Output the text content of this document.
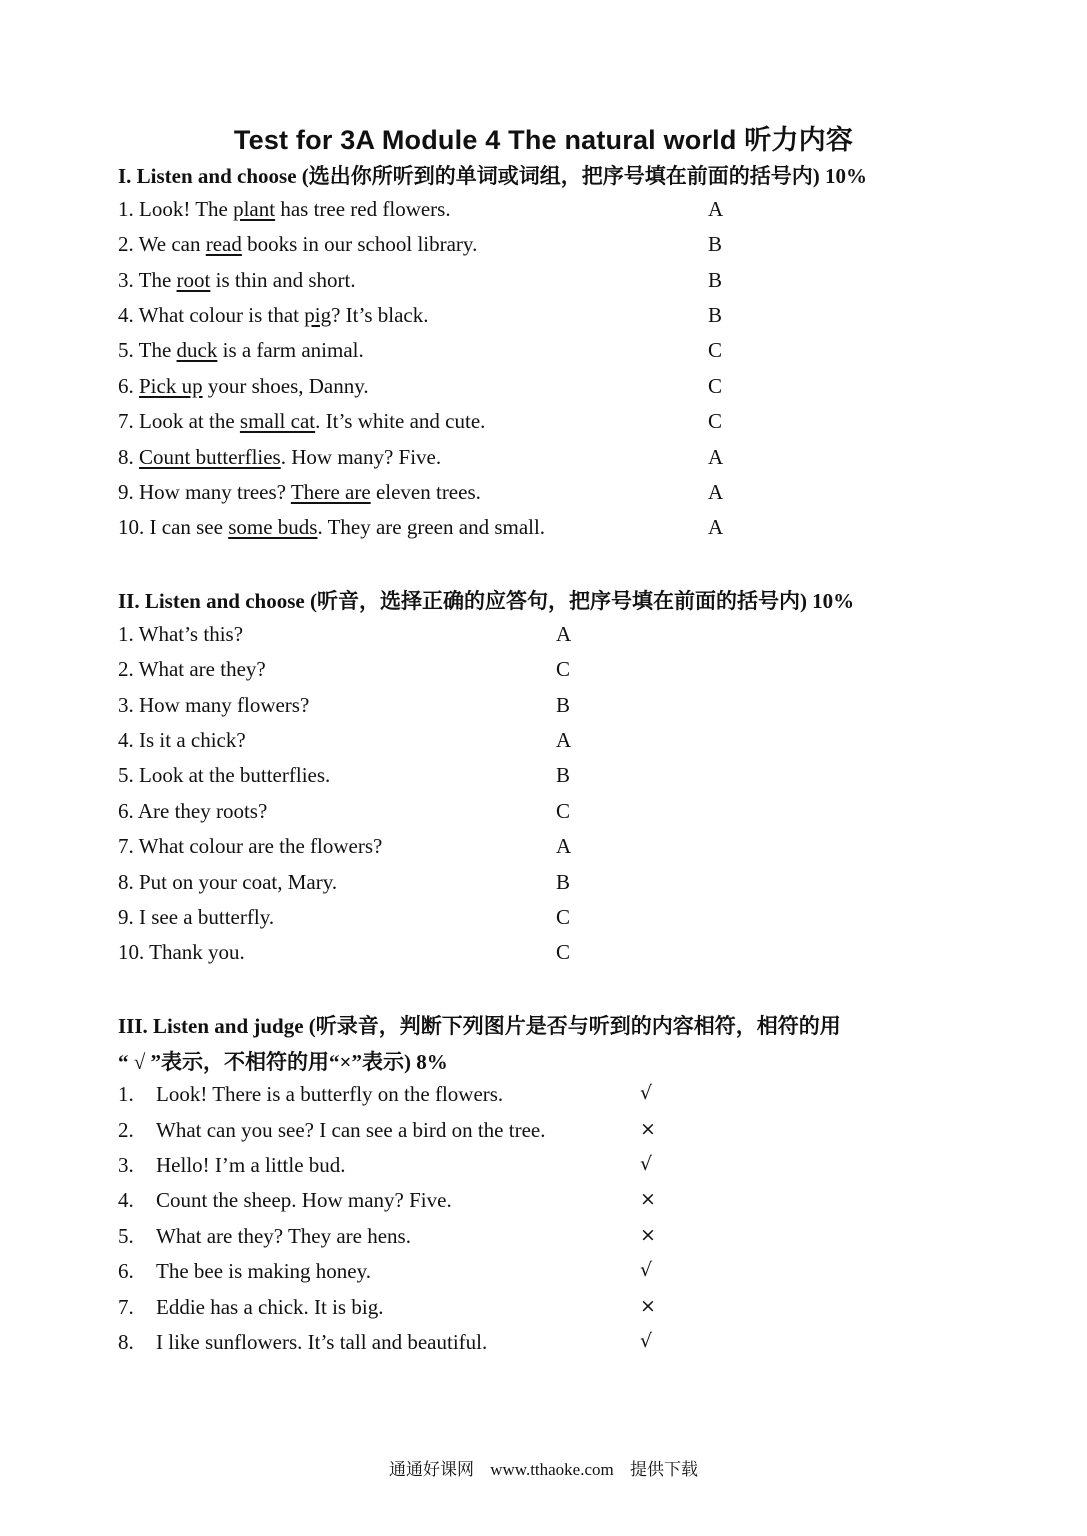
Test for 3A Module 4 The natural world 听力内容
I. Listen and choose (选出你所听到的单词或词组，把序号填在前面的括号内) 10%
1. Look! The plant has tree red flowers.	A
2. We can read books in our school library.	B
3. The root is thin and short.	B
4. What colour is that pig? It’s black.	B
5. The duck is a farm animal.	C
6. Pick up your shoes, Danny.	C
7. Look at the small cat. It’s white and cute.	C
8. Count butterflies. How many? Five.	A
9. How many trees? There are eleven trees.	A
10. I can see some buds. They are green and small.	A
II. Listen and choose (听音，选择正确的应答句，把序号填在前面的括号内) 10%
1. What’s this?	A
2. What are they?	C
3. How many flowers?	B
4. Is it a chick?	A
5. Look at the butterflies.	B
6. Are they roots?	C
7. What colour are the flowers?	A
8. Put on your coat, Mary.	B
9. I see a butterfly.	C
10. Thank you.	C
III. Listen and judge (听录音，判断下列图片是否与听到的内容相符，相符的用
“ √ ”表示，不相符的用“×”表示) 8%
1. Look! There is a butterfly on the flowers.	√
2. What can you see? I can see a bird on the tree.	×
3. Hello! I’m a little bud.	√
4. Count the sheep. How many? Five.	×
5. What are they? They are hens.	×
6. The bee is making honey.	√
7. Eddie has a chick. It is big.	×
8. I like sunflowers. It’s tall and beautiful.	√
通通好课网 www.tthaoke.com 提供下载
